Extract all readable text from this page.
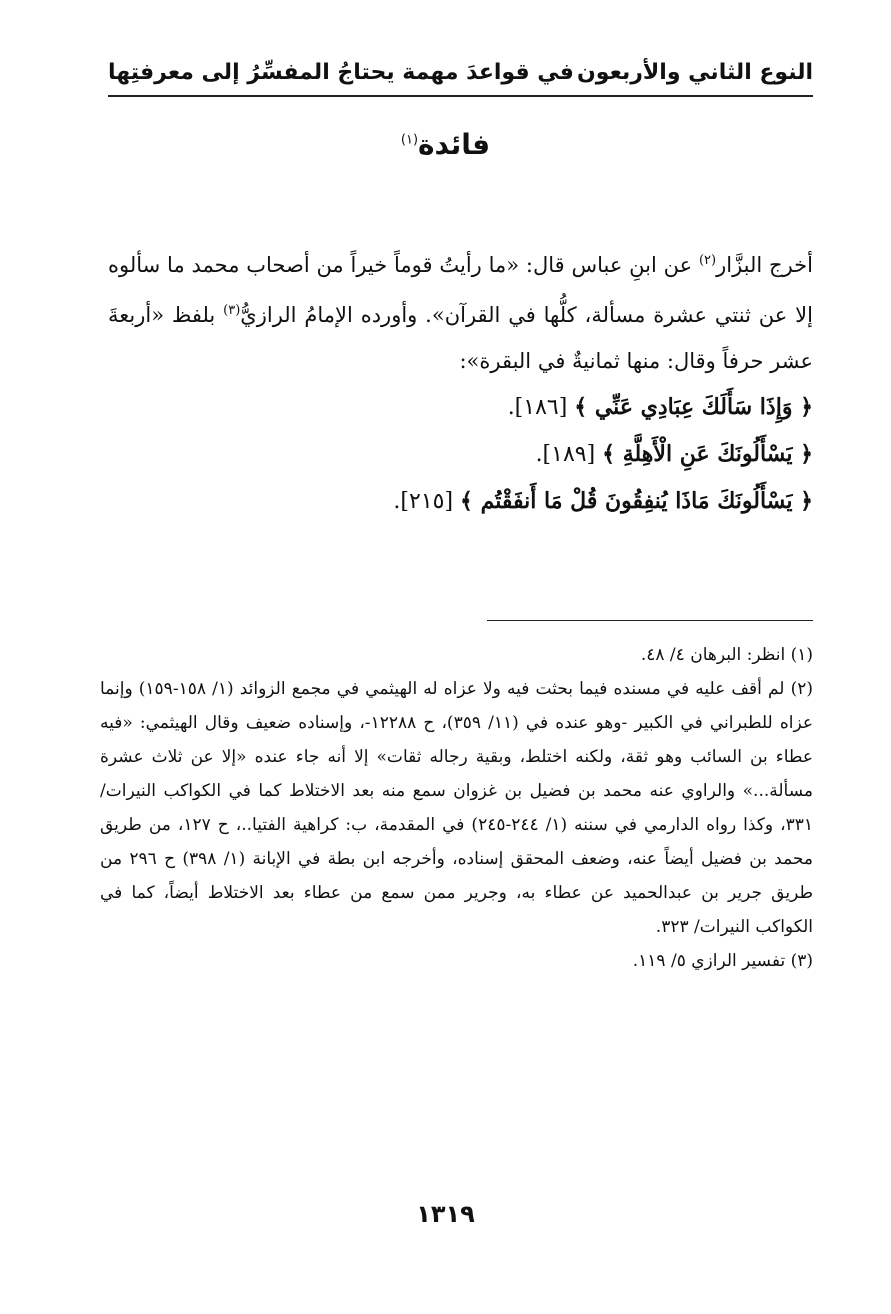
النوع الثاني والأربعون
في قواعدَ مهمة يحتاجُ المفسِّرُ إلى معرفتِها
فائدة$^{(١)}$

أخرج البزَّار$^{(٢)}$ عن ابنِ عباس قال: «ما رأيتُ قوماً خيراً من أصحاب محمد ما سألوه إلا عن ثنتي عشرة مسألة، كلُّها في القرآن». وأورده الإمامُ الرازيُّ$^{(٣)}$ بلفظ «أربعةَ عشر حرفاً وقال: منها ثمانيةٌ في البقرة»:

﴿ وَإِذَا سَأَلَكَ عِبَادِي عَنِّي ﴾ [١٨٦].
﴿ يَسْأَلُونَكَ عَنِ الْأَهِلَّةِ ﴾ [١٨٩].
﴿ يَسْأَلُونَكَ مَاذَا يُنفِقُونَ قُلْ مَا أَنفَقْتُم ﴾ [٢١٥].

(١) انظر: البرهان ٤/ ٤٨.

(٢) لم أقف عليه في مسنده فيما بحثت فيه ولا عزاه له الهيثمي في مجمع الزوائد (١/ ١٥٨-١٥٩) وإنما عزاه للطبراني في الكبير -وهو عنده في (١١/ ٣٥٩)، ح ١٢٢٨٨-، وإسناده ضعيف وقال الهيثمي: «فيه عطاء بن السائب وهو ثقة، ولكنه اختلط، وبقية رجاله ثقات» إلا أنه جاء عنده «إلا عن ثلاث عشرة مسألة...» والراوي عنه محمد بن فضيل بن غزوان سمع منه بعد الاختلاط كما في الكواكب النيرات/ ٣٣١، وكذا رواه الدارمي في سننه (١/ ٢٤٤-٢٤٥) في المقدمة، ب: كراهية الفتيا..، ح ١٢٧، من طريق محمد بن فضيل أيضاً عنه، وضعف المحقق إسناده، وأخرجه ابن بطة في الإبانة (١/ ٣٩٨) ح ٢٩٦ من طريق جرير بن عبدالحميد عن عطاء به، وجرير ممن سمع من عطاء بعد الاختلاط أيضاً، كما في الكواكب النيرات/ ٣٢٣.

(٣) تفسير الرازي ٥/ ١١٩.

١٣١٩
